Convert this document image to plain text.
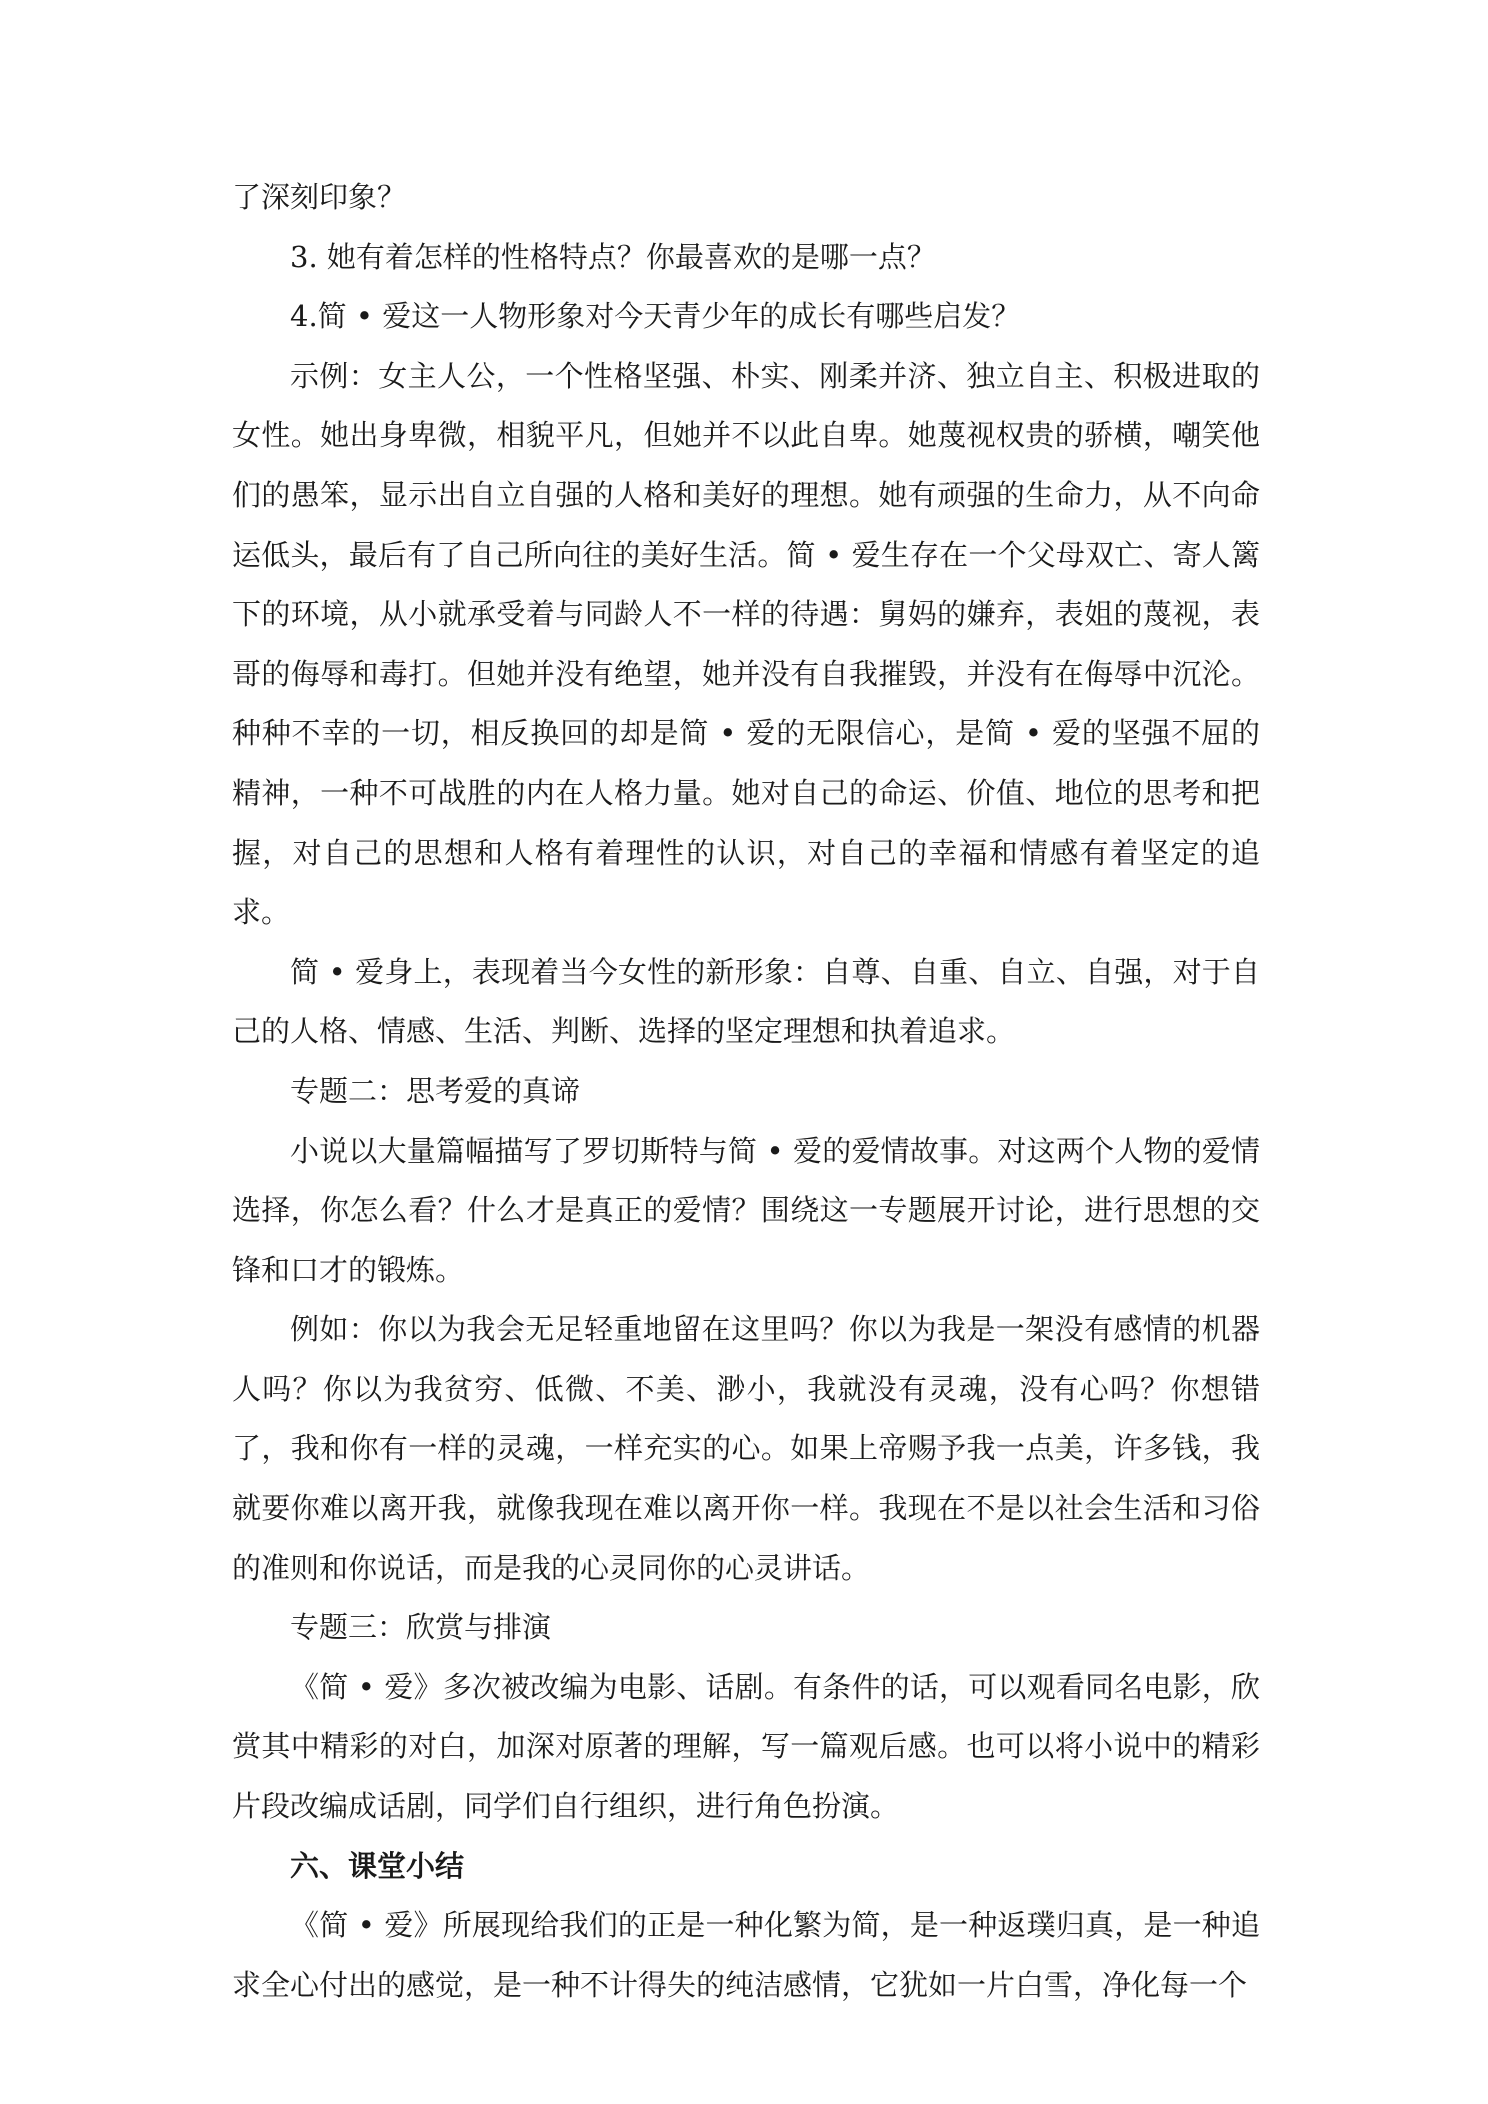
了深刻印象？

3. 她有着怎样的性格特点？你最喜欢的是哪一点？

4.简 • 爱这一人物形象对今天青少年的成长有哪些启发？

示例：女主人公，一个性格坚强、朴实、刚柔并济、独立自主、积极进取的女性。她出身卑微，相貌平凡，但她并不以此自卑。她蔑视权贵的骄横，嘲笑他们的愚笨，显示出自立自强的人格和美好的理想。她有顽强的生命力，从不向命运低头，最后有了自己所向往的美好生活。简 • 爱生存在一个父母双亡、寄人篱下的环境，从小就承受着与同龄人不一样的待遇：舅妈的嫌弃，表姐的蔑视，表哥的侮辱和毒打。但她并没有绝望，她并没有自我摧毁，并没有在侮辱中沉沦。种种不幸的一切，相反换回的却是简 • 爱的无限信心，是简 • 爱的坚强不屈的精神，一种不可战胜的内在人格力量。她对自己的命运、价值、地位的思考和把握，对自己的思想和人格有着理性的认识，对自己的幸福和情感有着坚定的追求。

简 • 爱身上，表现着当今女性的新形象：自尊、自重、自立、自强，对于自己的人格、情感、生活、判断、选择的坚定理想和执着追求。

专题二：思考爱的真谛

小说以大量篇幅描写了罗切斯特与简 • 爱的爱情故事。对这两个人物的爱情选择，你怎么看？什么才是真正的爱情？围绕这一专题展开讨论，进行思想的交锋和口才的锻炼。

例如：你以为我会无足轻重地留在这里吗？你以为我是一架没有感情的机器人吗？你以为我贫穷、低微、不美、渺小，我就没有灵魂，没有心吗？你想错了，我和你有一样的灵魂，一样充实的心。如果上帝赐予我一点美，许多钱，我就要你难以离开我，就像我现在难以离开你一样。我现在不是以社会生活和习俗的准则和你说话，而是我的心灵同你的心灵讲话。

专题三：欣赏与排演

《简 • 爱》多次被改编为电影、话剧。有条件的话，可以观看同名电影，欣赏其中精彩的对白，加深对原著的理解，写一篇观后感。也可以将小说中的精彩片段改编成话剧，同学们自行组织，进行角色扮演。

六、课堂小结

《简 • 爱》所展现给我们的正是一种化繁为简，是一种返璞归真，是一种追求全心付出的感觉，是一种不计得失的纯洁感情，它犹如一片白雪，净化每一个
